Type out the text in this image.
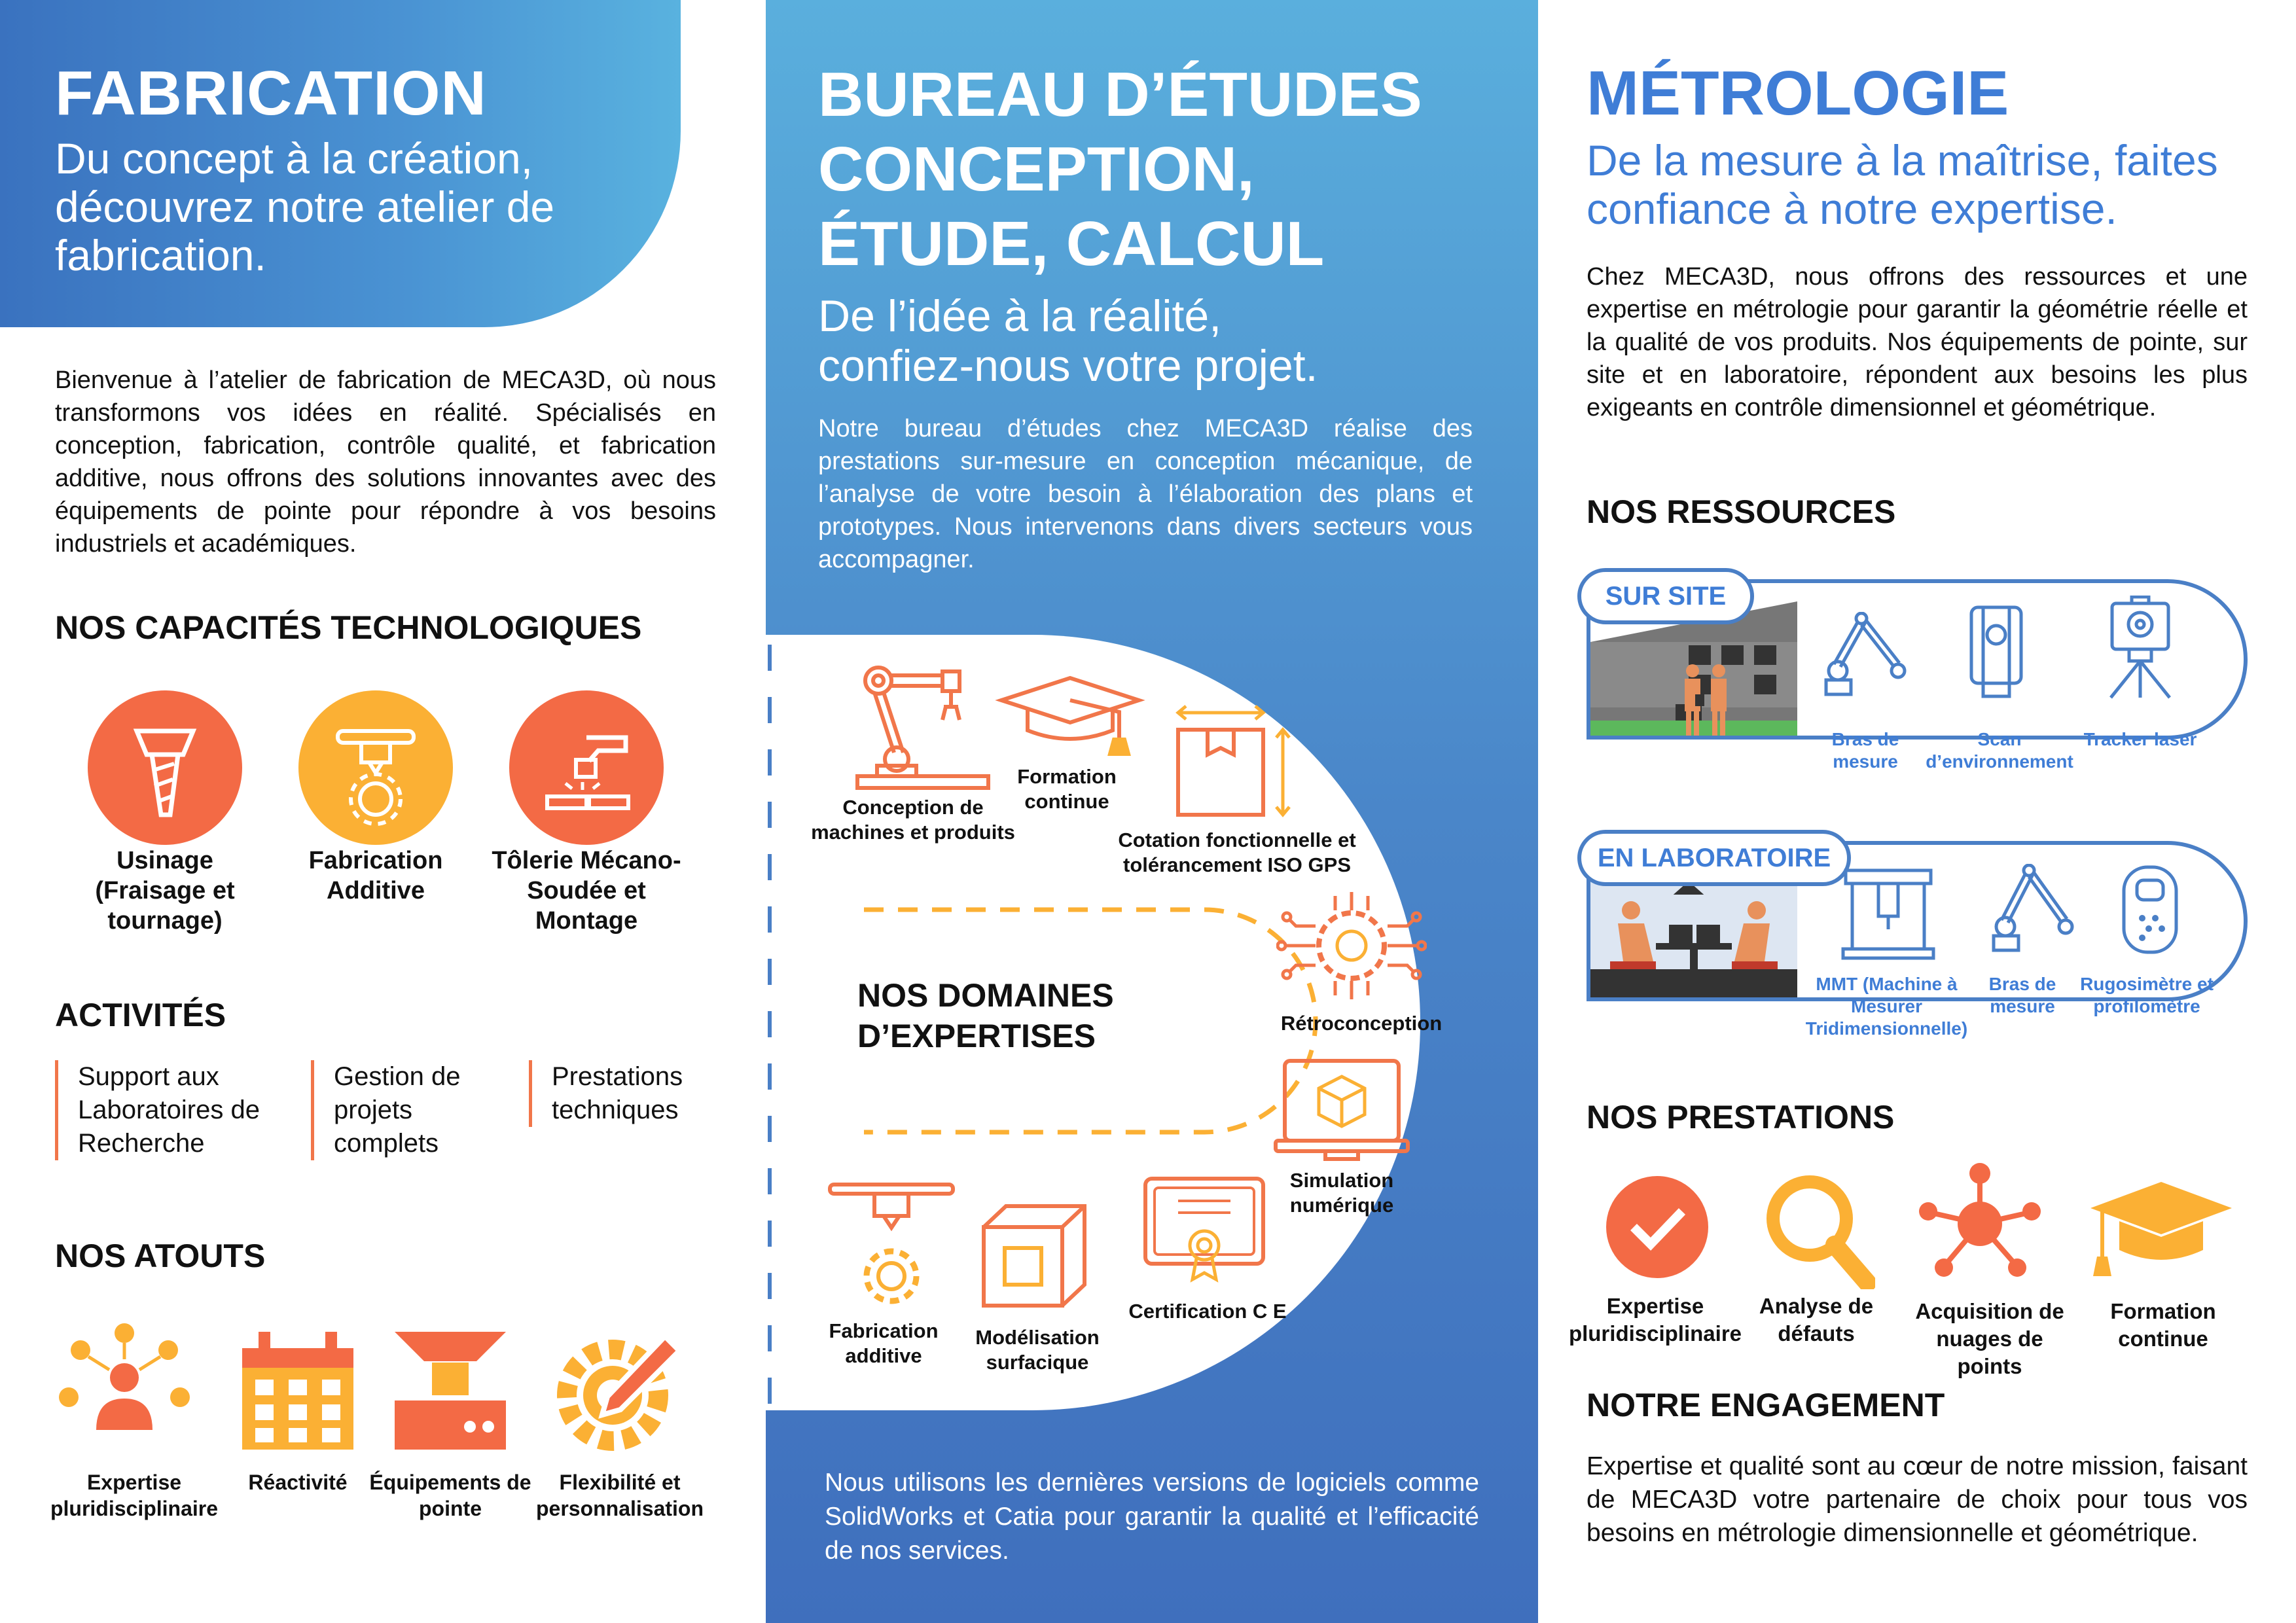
FABRICATION

Du concept à la création, découvrez notre atelier de fabrication.

Bienvenue à l’atelier de fabrication de MECA3D, où nous transformons vos idées en réalité. Spécialisés en conception, fabrication, contrôle qualité, et fabrication additive, nous offrons des solutions innovantes avec des équipements de pointe pour répondre à vos besoins industriels et académiques.

NOS CAPACITÉS TECHNOLOGIQUES
Usinage (Fraisage et tournage)
Fabrication Additive
Tôlerie Mécano-Soudée et Montage
ACTIVITÉS
Support aux Laboratoires de Recherche
Gestion de projets complets
Prestations techniques
NOS ATOUTS
Expertise pluridisciplinaire
Réactivité	Équipements de pointe
Flexibilité et personnalisation
BUREAU D’ÉTUDES
CONCEPTION,
ÉTUDE, CALCUL

De l’idée à la réalité,
confiez-nous votre projet.

Notre bureau d’études chez MECA3D réalise des prestations sur-mesure en conception mécanique, de l’analyse de votre besoin à l’élaboration des plans et prototypes. Nous intervenons dans divers secteurs vous accompagner.

NOS DOMAINES
D’EXPERTISES
Conception de machines et produits
Formation continue
Cotation fonctionnelle et tolérancement ISO GPS
Rétroconception
Simulation numérique
Certification C E
Modélisation surfacique
Fabrication additive

Nous utilisons les dernières versions de logiciels comme SolidWorks et Catia pour garantir la qualité et l’efficacité de nos services.

MÉTROLOGIE

De la mesure à la maîtrise, faites confiance à notre expertise.

Chez MECA3D, nous offrons des ressources et une expertise en métrologie pour garantir la géométrie réelle et la qualité de vos produits. Nos équipements de pointe, sur site et en laboratoire, répondent aux besoins les plus exigeants en contrôle dimensionnel et géométrique.

NOS RESSOURCES
SUR SITE
Bras de mesure
Scan d’environnement
Tracker laser
EN LABORATOIRE
MMT (Machine à Mesurer Tridimensionnelle)
Bras de mesure
Rugosimètre et profilomètre
NOS PRESTATIONS
Expertise pluridisciplinaire
Analyse de défauts
Acquisition de nuages de points
Formation continue
NOTRE ENGAGEMENT

Expertise et qualité sont au cœur de notre mission, faisant de MECA3D votre partenaire de choix pour tous vos besoins en métrologie dimensionnelle et géométrique.
